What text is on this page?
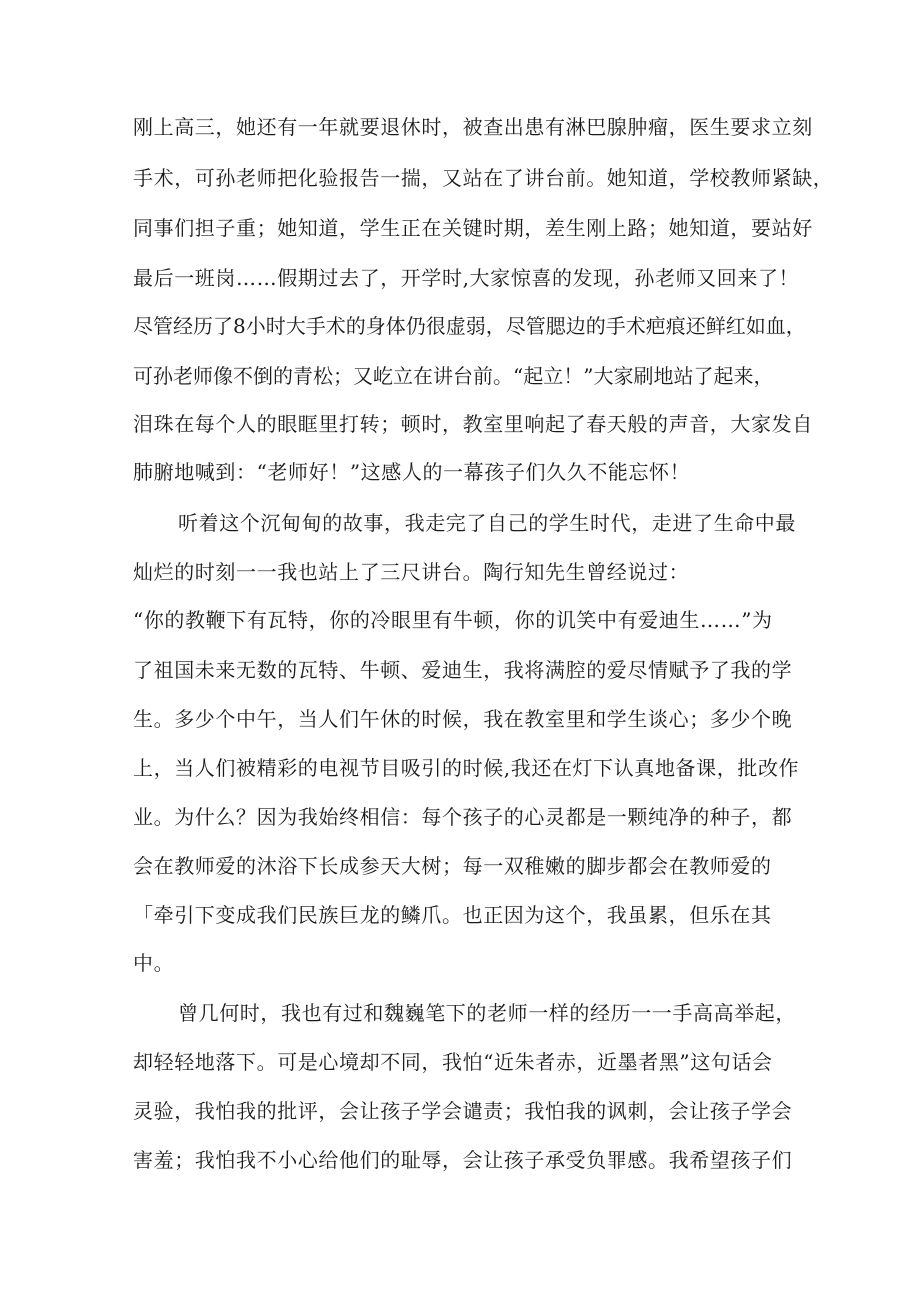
刚上高三，她还有一年就要退休时，被查出患有淋巴腺肿瘤，医生要求立刻
手术，可孙老师把化验报告一揣，又站在了讲台前。她知道，学校教师紧缺，
同事们担子重；她知道，学生正在关键时期，差生刚上路；她知道，要站好
最后一班岗……假期过去了，开学时,大家惊喜的发现，孙老师又回来了！
尽管经历了8小时大手术的身体仍很虚弱，尽管腮边的手术疤痕还鲜红如血，
可孙老师像不倒的青松；又屹立在讲台前。“起立！”大家刷地站了起来，
泪珠在每个人的眼眶里打转；顿时，教室里响起了春天般的声音，大家发自
肺腑地喊到：“老师好！”这感人的一幕孩子们久久不能忘怀！
听着这个沉甸甸的故事，我走完了自己的学生时代，走进了生命中最
灿烂的时刻一一我也站上了三尺讲台。陶行知先生曾经说过：
“你的教鞭下有瓦特，你的冷眼里有牛顿，你的讥笑中有爱迪生……”为
了祖国未来无数的瓦特、牛顿、爱迪生，我将满腔的爱尽情赋予了我的学
生。多少个中午，当人们午休的时候，我在教室里和学生谈心；多少个晚
上，当人们被精彩的电视节目吸引的时候,我还在灯下认真地备课，批改作
业。为什么？因为我始终相信：每个孩子的心灵都是一颗纯净的种子，都
会在教师爱的沐浴下长成参天大树；每一双稚嫩的脚步都会在教师爱的
「牵引下变成我们民族巨龙的鳞爪。也正因为这个，我虽累，但乐在其
中。
曾几何时，我也有过和魏巍笔下的老师一样的经历一一手高高举起，
却轻轻地落下。可是心境却不同，我怕“近朱者赤，近墨者黑”这句话会
灵验，我怕我的批评，会让孩子学会谴责；我怕我的讽刺，会让孩子学会
害羞；我怕我不小心给他们的耻辱，会让孩子承受负罪感。我希望孩子们
